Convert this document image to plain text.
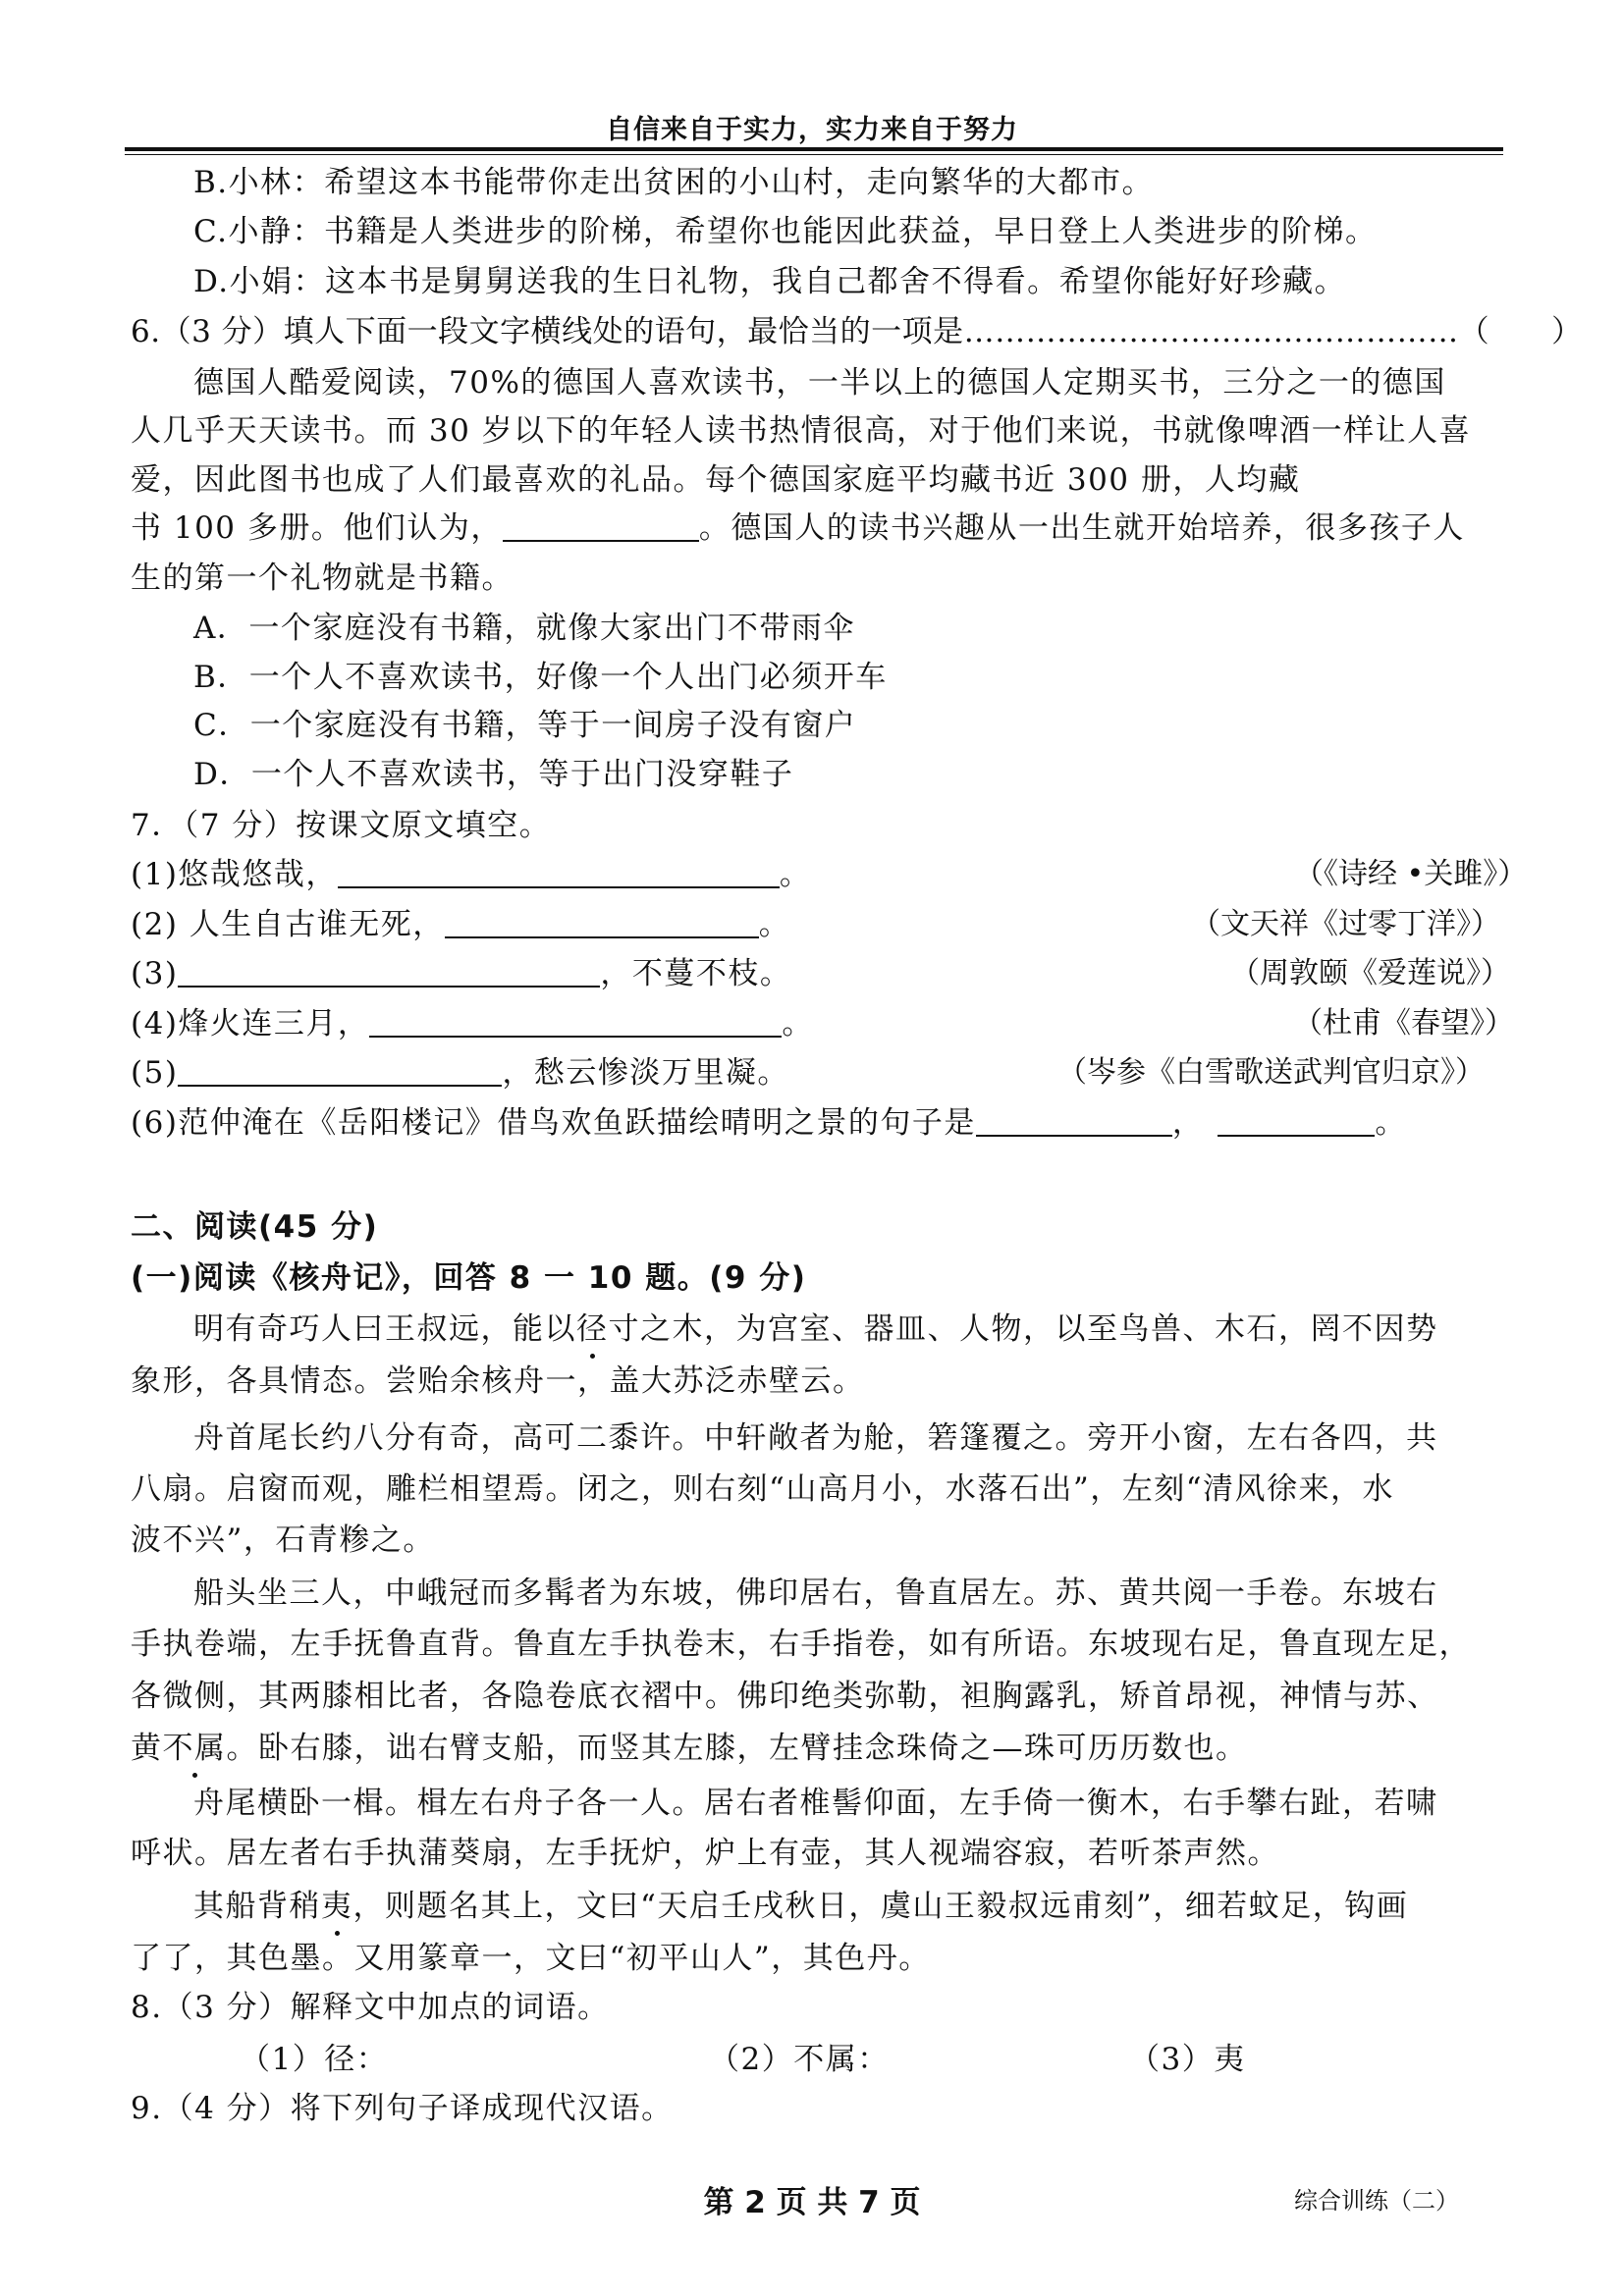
自信来自于实力，实力来自于努力
B.小林：希望这本书能带你走出贫困的小山村，走向繁华的大都市。
C.小静：书籍是人类进步的阶梯，希望你也能因此获益，早日登上人类进步的阶梯。
D.小娟：这本书是舅舅送我的生日礼物，我自己都舍不得看。希望你能好好珍藏。
6.（3 分）填人下面一段文字横线处的语句，最恰当的一项是…………………………………………（　　）
德国人酷爱阅读，70%的德国人喜欢读书，一半以上的德国人定期买书，三分之一的德国
人几乎天天读书。而 30 岁以下的年轻人读书热情很高，对于他们来说，书就像啤酒一样让人喜
爱，因此图书也成了人们最喜欢的礼品。每个德国家庭平均藏书近 300 册，人均藏
书 100 多册。他们认为，	。德国人的读书兴趣从一出生就开始培养，很多孩子人
生的第一个礼物就是书籍。
A．一个家庭没有书籍，就像大家出门不带雨伞
B．一个人不喜欢读书，好像一个人出门必须开车
C．一个家庭没有书籍，等于一间房子没有窗户
D．一个人不喜欢读书，等于出门没穿鞋子
7．（7 分）按课文原文填空。
(1)悠哉悠哉，	。	（《诗经 •关雎》）
(2) 人生自古谁无死，	。	（文天祥《过零丁洋》）
(3)	，不蔓不枝。	（周敦颐《爱莲说》）
(4)烽火连三月，	。	（杜甫《春望》）
(5)	，愁云惨淡万里凝。	（岑参《白雪歌送武判官归京》）
(6)范仲淹在《岳阳楼记》借鸟欢鱼跃描绘晴明之景的句子是	，	。
二、阅读(45 分)
(一)阅读《核舟记》，回答 8 一 10 题。(9 分)
明有奇巧人曰王叔远，能以径寸之木，为宫室、器皿、人物，以至鸟兽、木石，罔不因势
象形，各具情态。尝贻余核舟一，盖大苏泛赤壁云。
舟首尾长约八分有奇，高可二黍许。中轩敞者为舱，箬篷覆之。旁开小窗，左右各四，共
八扇。启窗而观，雕栏相望焉。闭之，则右刻“山高月小，水落石出”，左刻“清风徐来，水
波不兴”，石青糁之。
船头坐三人，中峨冠而多髯者为东坡，佛印居右，鲁直居左。苏、黄共阅一手卷。东坡右
手执卷端，左手抚鲁直背。鲁直左手执卷末，右手指卷，如有所语。东坡现右足，鲁直现左足，
各微侧，其两膝相比者，各隐卷底衣褶中。佛印绝类弥勒，袒胸露乳，矫首昂视，神情与苏、
黄不属。卧右膝，诎右臂支船，而竖其左膝，左臂挂念珠倚之—珠可历历数也。
舟尾横卧一楫。楫左右舟子各一人。居右者椎髻仰面，左手倚一衡木，右手攀右趾，若啸
呼状。居左者右手执蒲葵扇，左手抚炉，炉上有壶，其人视端容寂，若听茶声然。
其船背稍夷，则题名其上，文曰“天启壬戌秋日，虞山王毅叔远甫刻”，细若蚊足，钩画
了了，其色墨。又用篆章一，文曰“初平山人”，其色丹。
8.（3 分）解释文中加点的词语。
（1）径：	（2）不属：	（3）夷
9.（4 分）将下列句子译成现代汉语。
第 2 页 共 7 页	综合训练（二）
